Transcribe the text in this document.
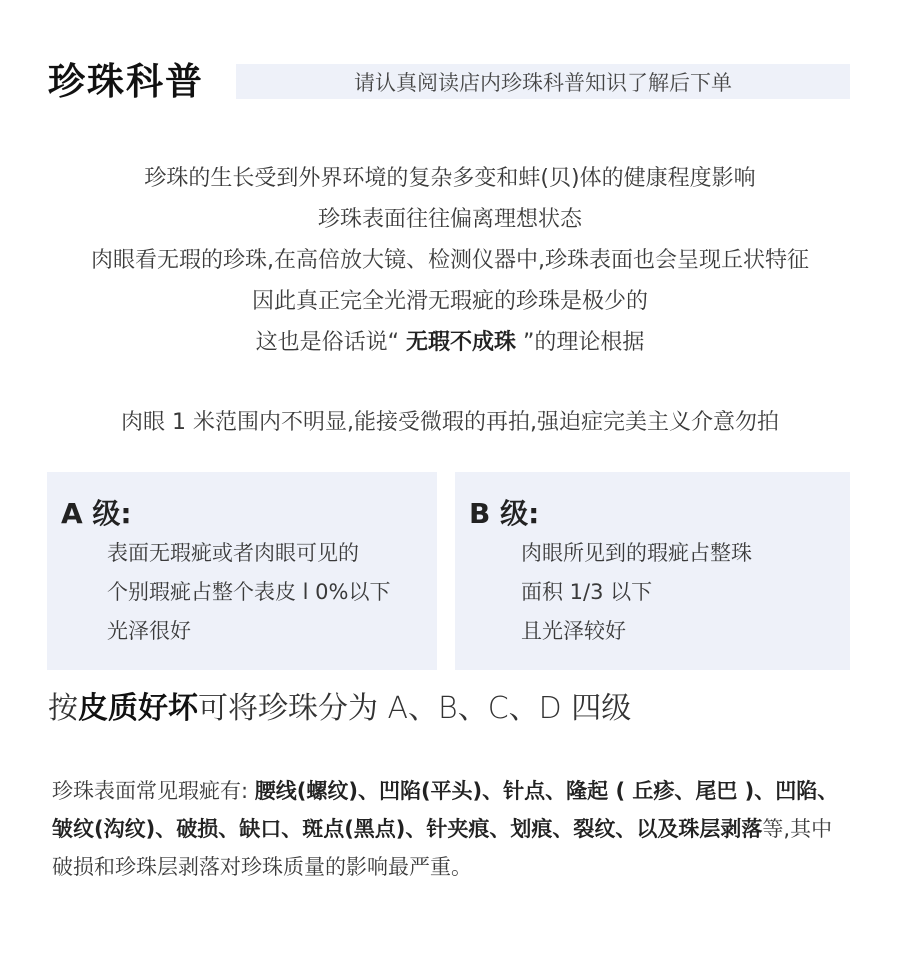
珍珠科普	请认真阅读店内珍珠科普知识了解后下单
珍珠的生长受到外界环境的复杂多变和蚌(贝)体的健康程度影响
珍珠表面往往偏离理想状态
肉眼看无瑕的珍珠,在高倍放大镜、检测仪器中,珍珠表面也会呈现丘状特征
因此真正完全光滑无瑕疵的珍珠是极少的
这也是俗话说“ 无瑕不成珠 ”的理论根据
肉眼 1 米范围内不明显,能接受微瑕的再拍,强迫症完美主义介意勿拍
A 级:
表面无瑕疵或者肉眼可见的
个别瑕疵占整个表皮 l 0%以下
光泽很好
B 级:
肉眼所见到的瑕疵占整珠
面积 1/3 以下
且光泽较好
按皮质好坏可将珍珠分为 A、B、C、D 四级
珍珠表面常见瑕疵有: 腰线(螺纹)、凹陷(平头)、针点、隆起 ( 丘疹、尾巴 )、凹陷、皱纹(沟纹)、破损、缺口、斑点(黑点)、针夹痕、划痕、裂纹、以及珠层剥落等,其中破损和珍珠层剥落对珍珠质量的影响最严重。
